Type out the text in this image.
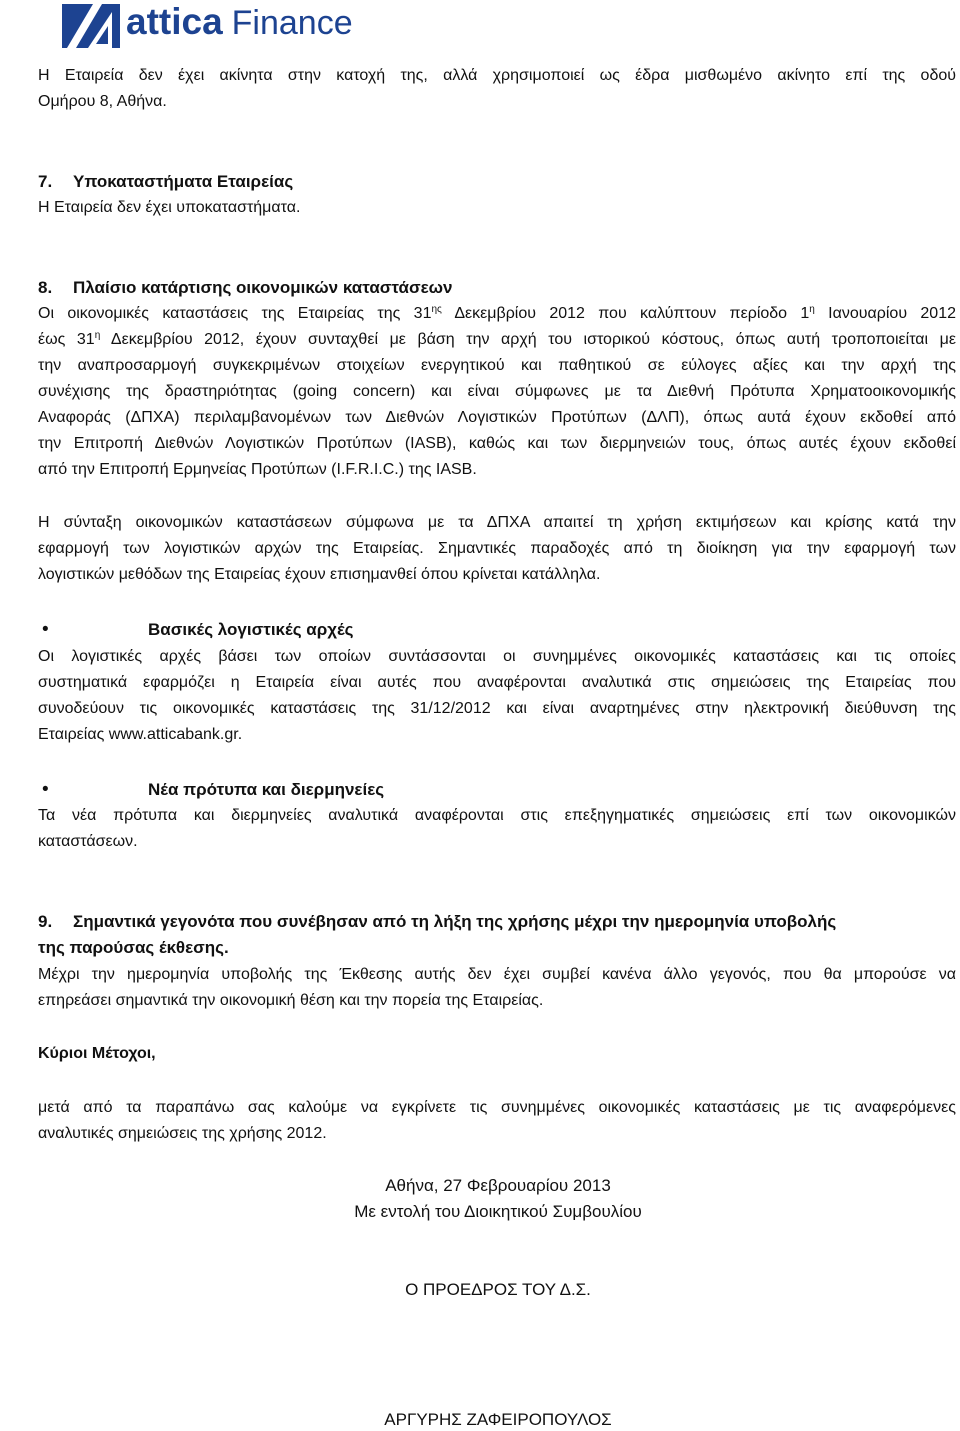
attica Finance
Η Εταιρεία δεν έχει ακίνητα στην κατοχή της, αλλά χρησιμοποιεί ως έδρα μισθωμένο ακίνητο επί της οδού
Ομήρου 8, Αθήνα.
7. Υποκαταστήματα Εταιρείας
Η Εταιρεία δεν έχει υποκαταστήματα.
8. Πλαίσιο κατάρτισης οικονομικών καταστάσεων
Οι οικονομικές καταστάσεις της Εταιρείας της $31^{\eta\varsigma}$ Δεκεμβρίου 2012 που καλύπτουν περίοδο $1^\eta$ Ιανουαρίου 2012
έως $31^\eta$ Δεκεμβρίου 2012, έχουν συνταχθεί με βάση την αρχή του ιστορικού κόστους, όπως αυτή τροποποιείται με
την αναπροσαρμογή συγκεκριμένων στοιχείων ενεργητικού και παθητικού σε εύλογες αξίες και την αρχή της
συνέχισης της δραστηριότητας (going concern) και είναι σύμφωνες με τα Διεθνή Πρότυπα Χρηματοοικονομικής
Αναφοράς (ΔΠΧΑ) περιλαμβανομένων των Διεθνών Λογιστικών Προτύπων (ΔΛΠ), όπως αυτά έχουν εκδοθεί από
την Επιτροπή Διεθνών Λογιστικών Προτύπων (IASB), καθώς και των διερμηνειών τους, όπως αυτές έχουν εκδοθεί
από την Επιτροπή Ερμηνείας Προτύπων (I.F.R.I.C.) της IASB.
Η σύνταξη οικονομικών καταστάσεων σύμφωνα με τα ΔΠΧΑ απαιτεί τη χρήση εκτιμήσεων και κρίσης κατά την
εφαρμογή των λογιστικών αρχών της Εταιρείας. Σημαντικές παραδοχές από τη διοίκηση για την εφαρμογή των
λογιστικών μεθόδων της Εταιρείας έχουν επισημανθεί όπου κρίνεται κατάλληλα.
•	Βασικές λογιστικές αρχές
Οι λογιστικές αρχές βάσει των οποίων συντάσσονται οι συνημμένες οικονομικές καταστάσεις και τις οποίες
συστηματικά εφαρμόζει η Εταιρεία είναι αυτές που αναφέρονται αναλυτικά στις σημειώσεις της Εταιρείας που
συνοδεύουν τις οικονομικές καταστάσεις της 31/12/2012 και είναι αναρτημένες στην ηλεκτρονική διεύθυνση της
Εταιρείας www.atticabank.gr.
•	Νέα πρότυπα και διερμηνείες
Τα νέα πρότυπα και διερμηνείες αναλυτικά αναφέρονται στις επεξηγηματικές σημειώσεις επί των οικονομικών
καταστάσεων.
9. Σημαντικά γεγονότα που συνέβησαν από τη λήξη της χρήσης μέχρι την ημερομηνία υποβολής
της παρούσας έκθεσης.
Μέχρι την ημερομηνία υποβολής της Έκθεσης αυτής δεν έχει συμβεί κανένα άλλο γεγονός, που θα μπορούσε να
επηρεάσει σημαντικά την οικονομική θέση και την πορεία της Εταιρείας.
Κύριοι Μέτοχοι,
μετά από τα παραπάνω σας καλούμε να εγκρίνετε τις συνημμένες οικονομικές καταστάσεις με τις αναφερόμενες
αναλυτικές σημειώσεις της χρήσης 2012.
Αθήνα, 27 Φεβρουαρίου 2013
Με εντολή του Διοικητικού Συμβουλίου
Ο ΠΡΟΕΔΡΟΣ ΤΟΥ Δ.Σ.
ΑΡΓΥΡΗΣ ΖΑΦΕΙΡΟΠΟΥΛΟΣ
